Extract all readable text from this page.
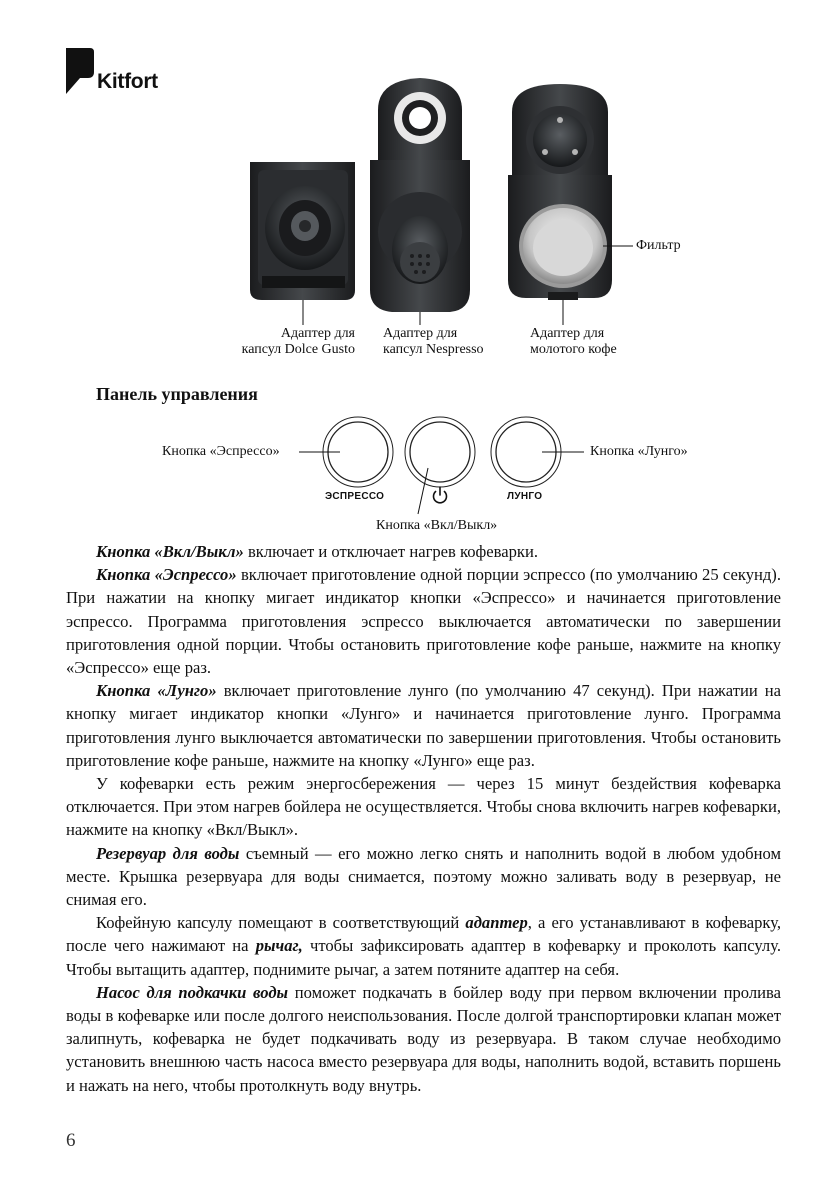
Kitfort
Адаптер для
капсул Dolce Gusto
Адаптер для
капсул Nespresso
Адаптер для
молотого кофе
Фильтр
Панель управления
Кнопка «Эспрессо»	Кнопка «Лунго»
Кнопка «Вкл/Выкл»
ЭСПРЕССО	ЛУНГО

Кнопка «Вкл/Выкл» включает и отключает нагрев кофеварки.

Кнопка «Эспрессо» включает приготовление одной порции эспрессо (по умолчанию 25 секунд). При нажатии на кнопку мигает индикатор кнопки «Эспрессо» и начинается приготовление эспрессо. Программа приготовления эспрессо выключается автоматически по завершении приготовления одной порции. Чтобы остановить приготовление кофе раньше, нажмите на кнопку «Эспрессо» еще раз.

Кнопка «Лунго» включает приготовление лунго (по умолчанию 47 секунд). При нажатии на кнопку мигает индикатор кнопки «Лунго» и начинается приготовление лунго. Программа приготовления лунго выключается автоматически по завершении приготовления. Чтобы остановить приготовление кофе раньше, нажмите на кнопку «Лунго» еще раз.

У кофеварки есть режим энергосбережения — через 15 минут бездействия кофеварка отключается. При этом нагрев бойлера не осуществляется. Чтобы снова включить нагрев кофеварки, нажмите на кнопку «Вкл/Выкл».

Резервуар для воды съемный — его можно легко снять и наполнить водой в любом удобном месте. Крышка резервуара для воды снимается, поэтому можно заливать воду в резервуар, не снимая его.

Кофейную капсулу помещают в соответствующий адаптер, а его устанавливают в кофеварку, после чего нажимают на рычаг, чтобы зафиксировать адаптер в кофеварку и проколоть капсулу. Чтобы вытащить адаптер, поднимите рычаг, а затем потяните адаптер на себя.

Насос для подкачки воды поможет подкачать в бойлер воду при первом включении пролива воды в кофеварке или после долгого неиспользования. После долгой транспортировки клапан может залипнуть, кофеварка не будет подкачивать воду из резервуара. В таком случае необходимо установить внешнюю часть насоса вместо резервуара для воды, наполнить водой, вставить поршень и нажать на него, чтобы протолкнуть воду внутрь.

6
